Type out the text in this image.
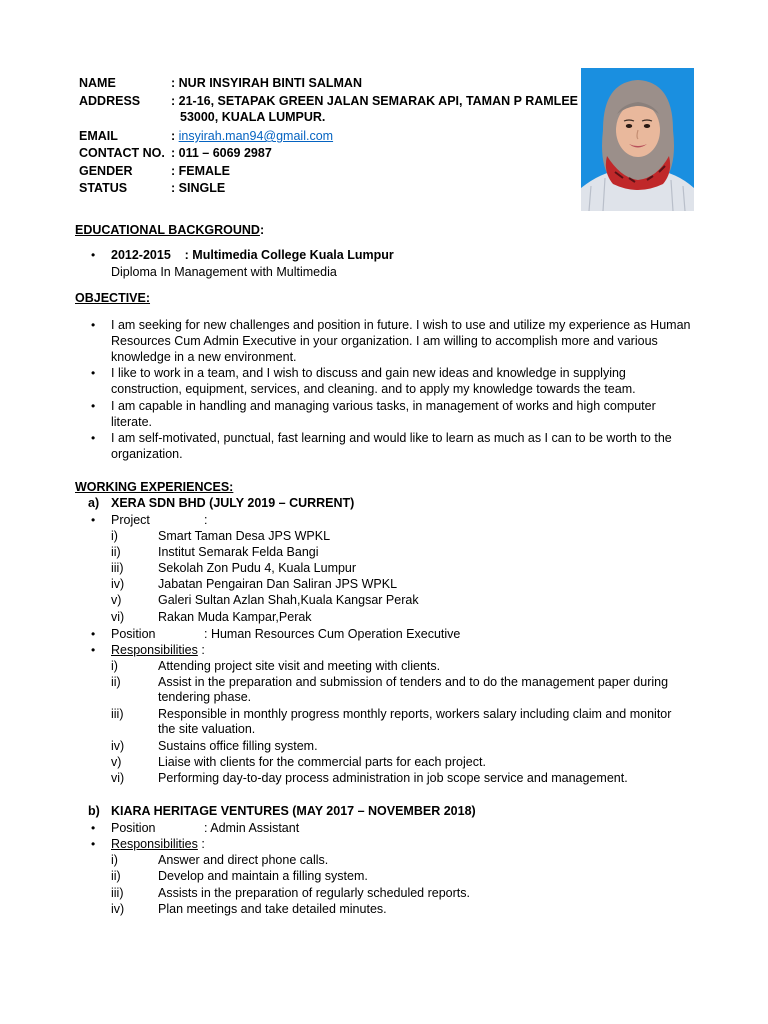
NAME	: NUR INSYIRAH BINTI SALMAN
ADDRESS : 21-16, SETAPAK GREEN JALAN SEMARAK API, TAMAN P RAMLEE
53000, KUALA LUMPUR.
EMAIL	: insyirah.man94@gmail.com
CONTACT NO. : 011 – 6069 2987
GENDER	: FEMALE
STATUS	: SINGLE
EDUCATIONAL BACKGROUND:
•
2012-2015    : Multimedia College Kuala Lumpur
Diploma In Management with Multimedia
OBJECTIVE:
•
I am seeking for new challenges and position in future. I wish to use and utilize my experience as Human
Resources Cum Admin Executive in your organization. I am willing to accomplish more and various
knowledge in a new environment.
•
I like to work in a team, and I wish to discuss and gain new ideas and knowledge in supplying
construction, equipment, services, and cleaning. and to apply my knowledge towards the team.
•
I am capable in handling and managing various tasks, in management of works and high computer
literate.
•
I am self-motivated, punctual, fast learning and would like to learn as much as I can to be worth to the
organization.
WORKING EXPERIENCES:
a) XERA SDN BHD (JULY 2019 – CURRENT)
•
Project	:
i)	Smart Taman Desa JPS WPKL
ii)	Institut Semarak Felda Bangi
iii)	Sekolah Zon Pudu 4, Kuala Lumpur
iv)	Jabatan Pengairan Dan Saliran JPS WPKL
v)	Galeri Sultan Azlan Shah,Kuala Kangsar Perak
vi)	Rakan Muda Kampar,Perak
•
Position	: Human Resources Cum Operation Executive
•
Responsibilities :
i)	Attending project site visit and meeting with clients.
ii)	Assist in the preparation and submission of tenders and to do the management paper during
tendering phase.
iii)	Responsible in monthly progress monthly reports, workers salary including claim and monitor
the site valuation.
iv)	Sustains office filling system.
v)	Liaise with clients for the commercial parts for each project.
vi)	Performing day-to-day process administration in job scope service and management.
b) KIARA HERITAGE VENTURES (MAY 2017 – NOVEMBER 2018)
•
Position	: Admin Assistant
•
Responsibilities :
i)	Answer and direct phone calls.
ii)	Develop and maintain a filling system.
iii)	Assists in the preparation of regularly scheduled reports.
iv)	Plan meetings and take detailed minutes.
